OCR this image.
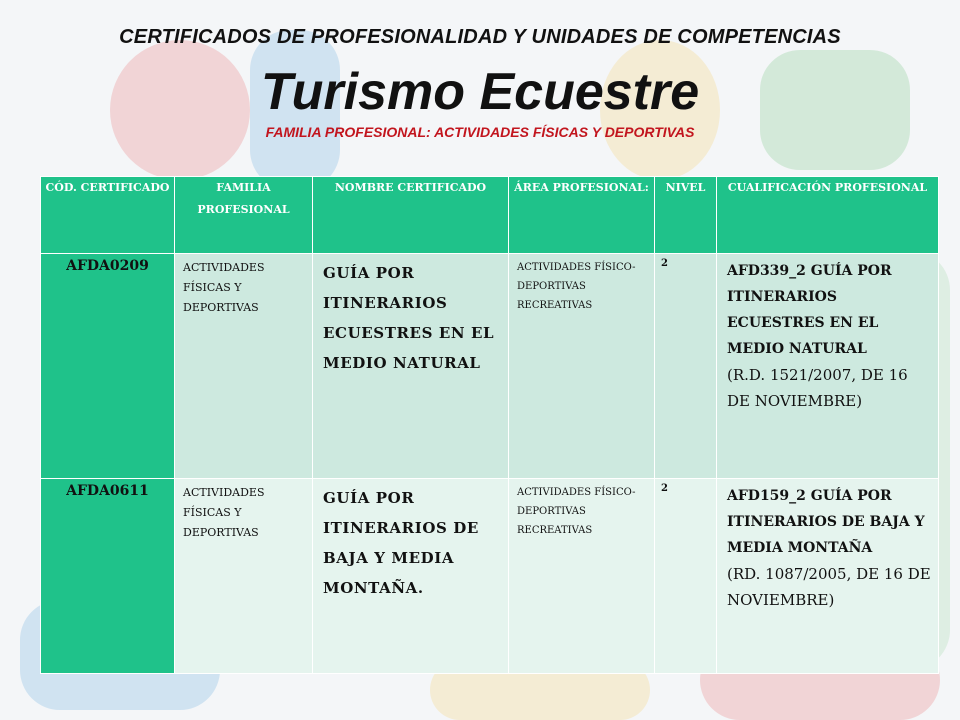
CERTIFICADOS DE PROFESIONALIDAD Y UNIDADES DE COMPETENCIAS
Turismo Ecuestre
FAMILIA PROFESIONAL: ACTIVIDADES FÍSICAS Y DEPORTIVAS
CÓD. CERTIFICADO	FAMILIA PROFESIONAL	NOMBRE CERTIFICADO	ÁREA PROFESIONAL:	NIVEL	CUALIFICACIÓN PROFESIONAL
AFDA0209	ACTIVIDADES FÍSICAS Y DEPORTIVAS	GUÍA POR ITINERARIOS ECUESTRES EN EL MEDIO NATURAL	ACTIVIDADES FÍSICO-DEPORTIVAS RECREATIVAS	2	AFD339_2 GUÍA POR ITINERARIOS ECUESTRES EN EL MEDIO NATURAL
(R.D. 1521/2007, DE 16 DE NOVIEMBRE)

AFDA0611	ACTIVIDADES FÍSICAS Y DEPORTIVAS	GUÍA POR ITINERARIOS DE BAJA Y MEDIA MONTAÑA.	ACTIVIDADES FÍSICO-DEPORTIVAS RECREATIVAS	2	AFD159_2 GUÍA POR ITINERARIOS DE BAJA Y MEDIA MONTAÑA
(RD. 1087/2005, DE 16 DE NOVIEMBRE)
